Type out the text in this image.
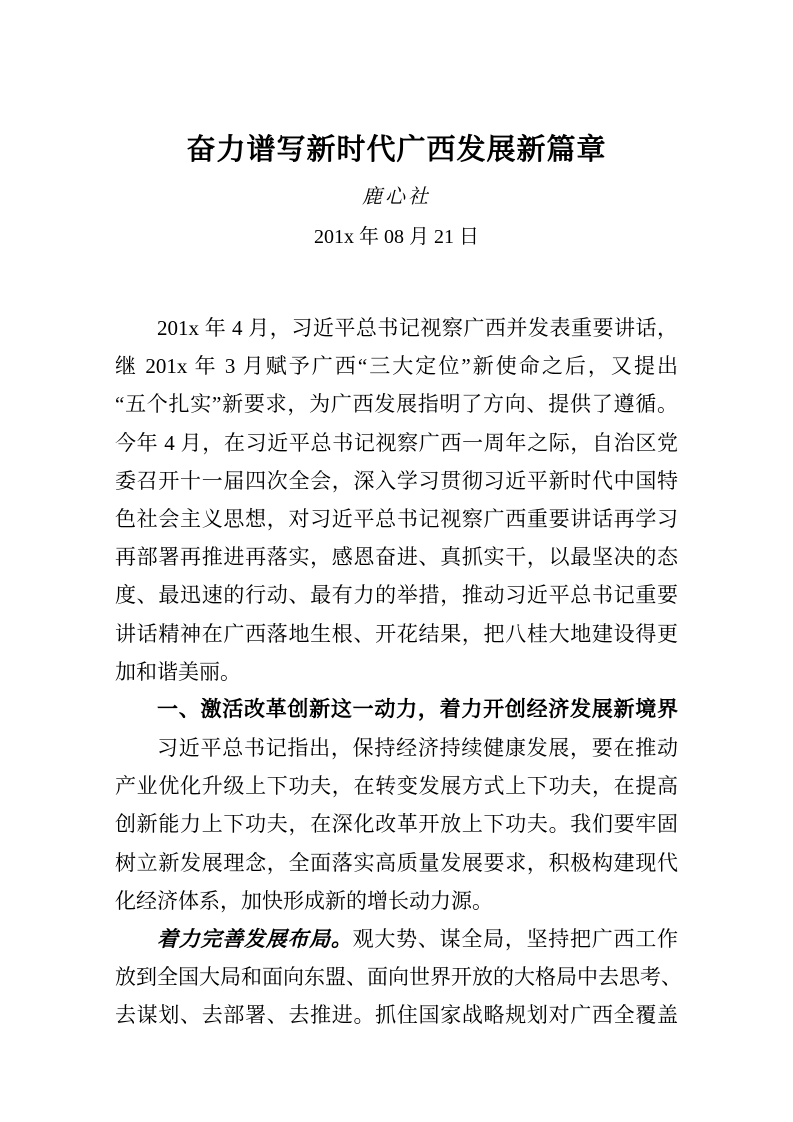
奋力谱写新时代广西发展新篇章
鹿心社
201x 年 08 月 21 日
201x 年 4 月，习近平总书记视察广西并发表重要讲话，
继 201x 年 3 月赋予广西“三大定位”新使命之后，又提出
“五个扎实”新要求，为广西发展指明了方向、提供了遵循。
今年 4 月，在习近平总书记视察广西一周年之际，自治区党
委召开十一届四次全会，深入学习贯彻习近平新时代中国特
色社会主义思想，对习近平总书记视察广西重要讲话再学习
再部署再推进再落实，感恩奋进、真抓实干，以最坚决的态
度、最迅速的行动、最有力的举措，推动习近平总书记重要
讲话精神在广西落地生根、开花结果，把八桂大地建设得更
加和谐美丽。
一、激活改革创新这一动力，着力开创经济发展新境界
习近平总书记指出，保持经济持续健康发展，要在推动
产业优化升级上下功夫，在转变发展方式上下功夫，在提高
创新能力上下功夫，在深化改革开放上下功夫。我们要牢固
树立新发展理念，全面落实高质量发展要求，积极构建现代
化经济体系，加快形成新的增长动力源。
着力完善发展布局。观大势、谋全局，坚持把广西工作
放到全国大局和面向东盟、面向世界开放的大格局中去思考、
去谋划、去部署、去推进。抓住国家战略规划对广西全覆盖
